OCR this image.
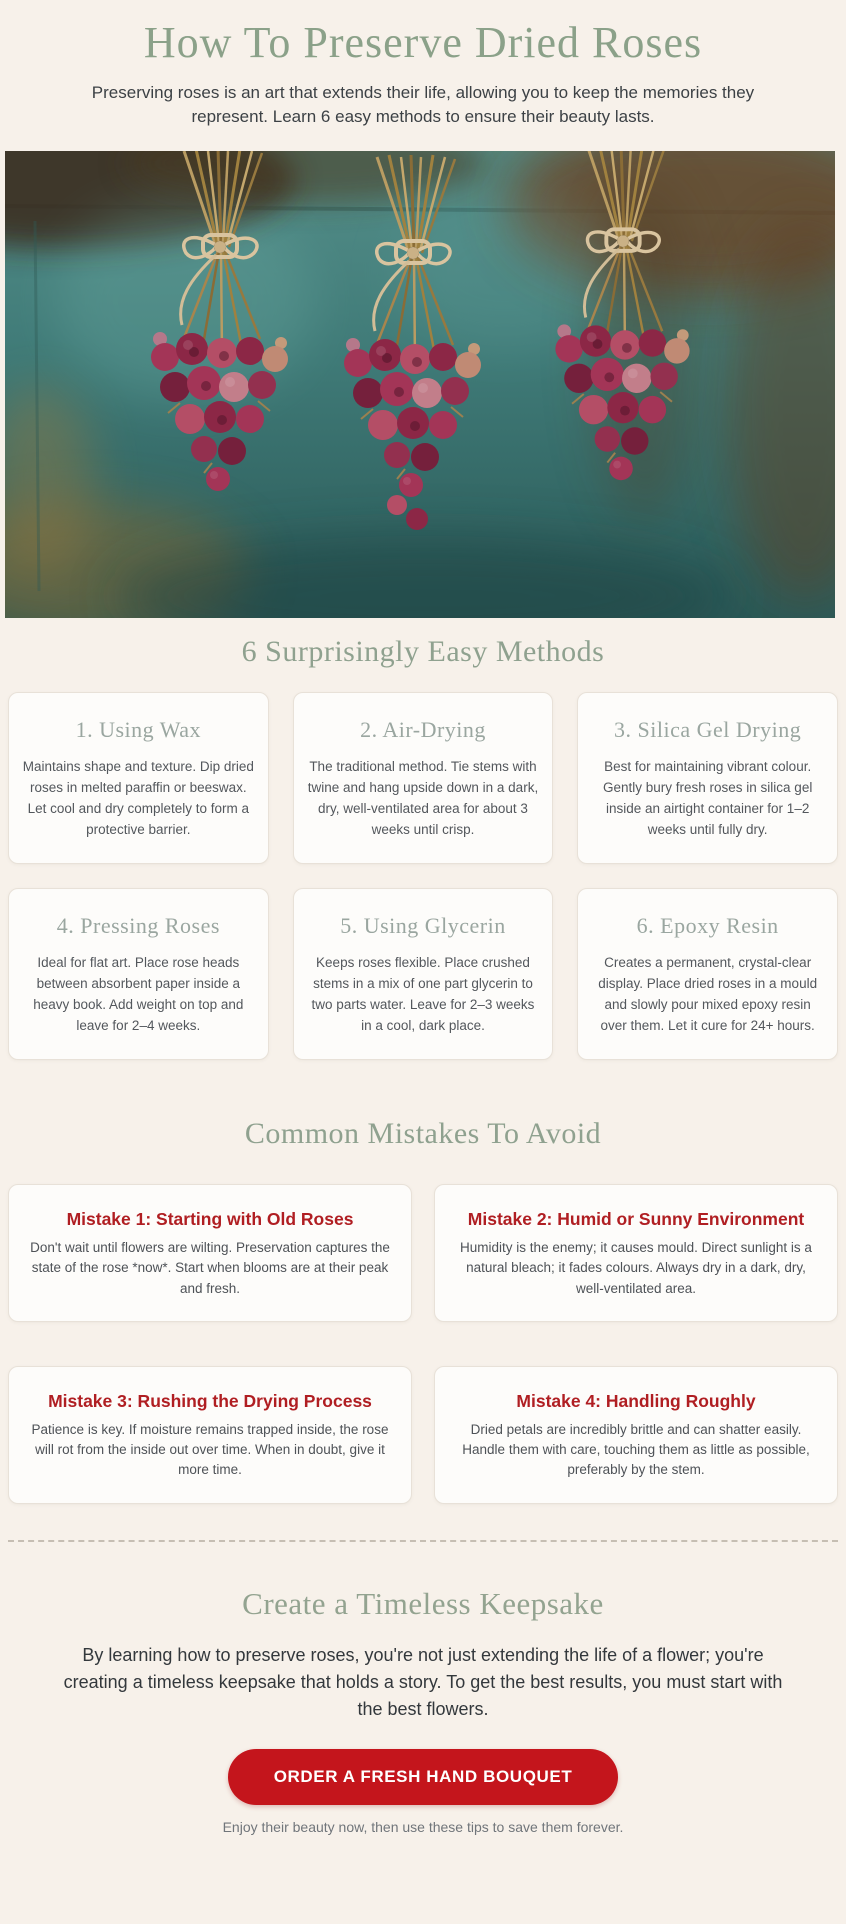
How To Preserve Dried Roses

Preserving roses is an art that extends their life, allowing you to keep the memories they represent. Learn 6 easy methods to ensure their beauty lasts.

6 Surprisingly Easy Methods
1. Using Wax
Maintains shape and texture. Dip dried roses in melted paraffin or beeswax. Let cool and dry completely to form a protective barrier.
2. Air-Drying
The traditional method. Tie stems with twine and hang upside down in a dark, dry, well-ventilated area for about 3 weeks until crisp.
3. Silica Gel Drying
Best for maintaining vibrant colour. Gently bury fresh roses in silica gel inside an airtight container for 1–2 weeks until fully dry.
4. Pressing Roses
Ideal for flat art. Place rose heads between absorbent paper inside a heavy book. Add weight on top and leave for 2–4 weeks.
5. Using Glycerin
Keeps roses flexible. Place crushed stems in a mix of one part glycerin to two parts water. Leave for 2–3 weeks in a cool, dark place.
6. Epoxy Resin
Creates a permanent, crystal-clear display. Place dried roses in a mould and slowly pour mixed epoxy resin over them. Let it cure for 24+ hours.
Common Mistakes To Avoid
Mistake 1: Starting with Old Roses
Don't wait until flowers are wilting. Preservation captures the state of the rose *now*. Start when blooms are at their peak and fresh.
Mistake 2: Humid or Sunny Environment
Humidity is the enemy; it causes mould. Direct sunlight is a natural bleach; it fades colours. Always dry in a dark, dry, well-ventilated area.
Mistake 3: Rushing the Drying Process
Patience is key. If moisture remains trapped inside, the rose will rot from the inside out over time. When in doubt, give it more time.
Mistake 4: Handling Roughly
Dried petals are incredibly brittle and can shatter easily. Handle them with care, touching them as little as possible, preferably by the stem.
Create a Timeless Keepsake

By learning how to preserve roses, you're not just extending the life of a flower; you're creating a timeless keepsake that holds a story. To get the best results, you must start with the best flowers.

ORDER A FRESH HAND BOUQUET

Enjoy their beauty now, then use these tips to save them forever.
